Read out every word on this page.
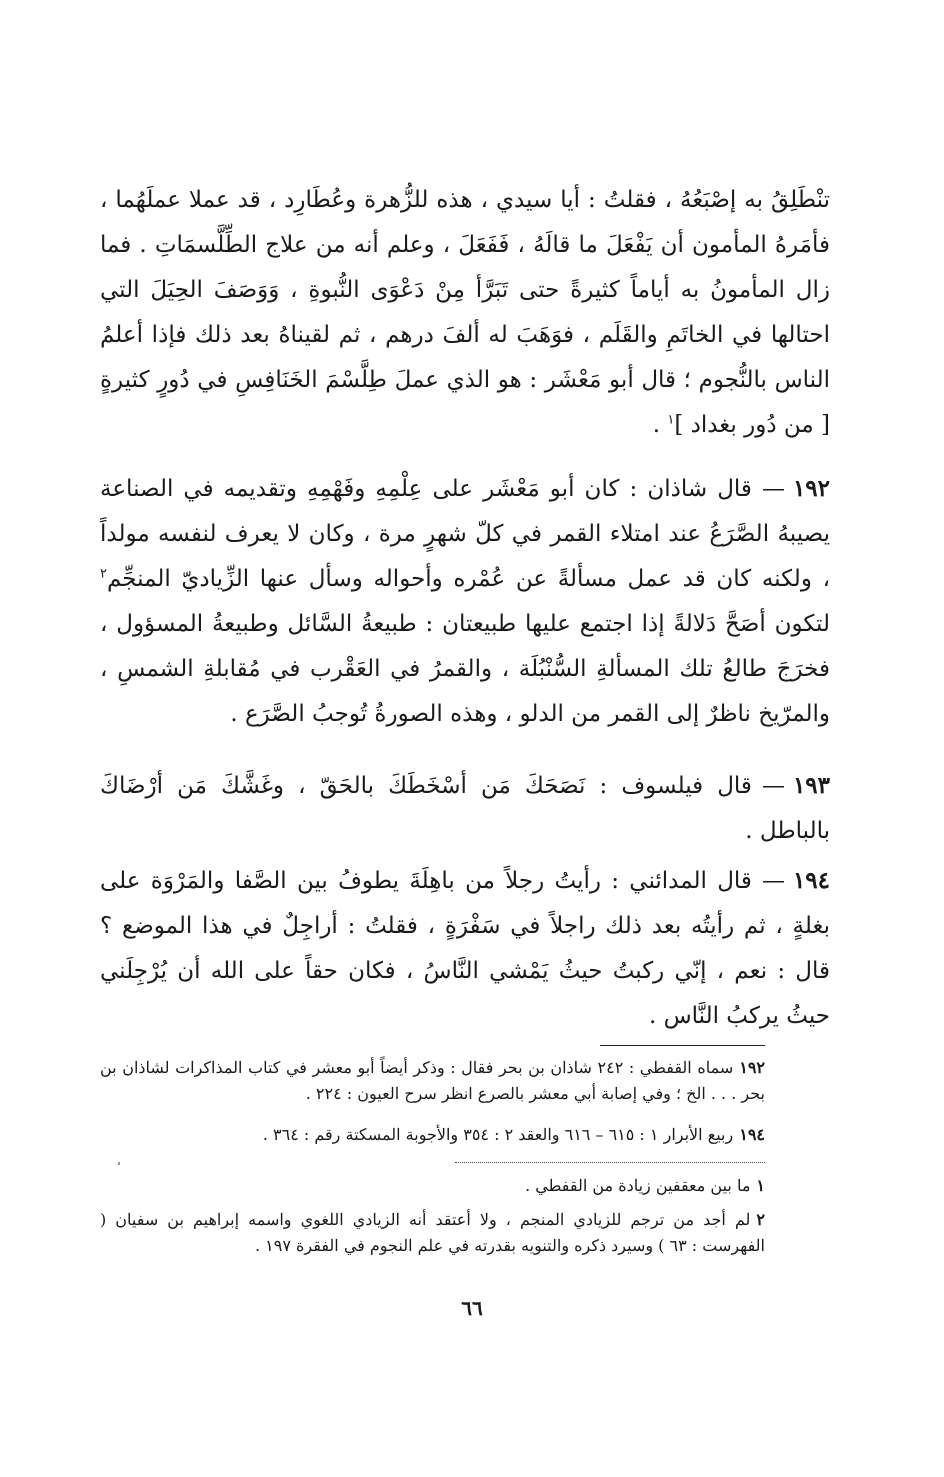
تنْطَلِقُ به إصْبَعُهُ ، فقلتُ : أيا سيدي ، هذه للزُّهرة وعُطَارِد ، قد عملا عملَهُما ، فأمَرهُ المأمون أن يَفْعَلَ ما قالَهُ ، فَفَعَلَ ، وعلم أنه من علاج الطِّلَّسمَاتِ . فما زال المأمونُ به أياماً كثيرةً حتى تَبَرَّأ مِنْ دَعْوَى النُّبوةِ ، وَوَصَفَ الحِيَلَ التي احتالها في الخاتَمِ والقَلَم ، فوَهَبَ له ألفَ درهم ، ثم لقيناهُ بعد ذلك فإذا أعلمُ الناس بالنُّجوم ؛ قال أبو مَعْشَر : هو الذي عملَ طِلَّسْمَ الخَنَافِسِ في دُورٍ كثيرةٍ [ من دُور بغداد ]$^١$ .
١٩٢—قال شاذان : كان أبو مَعْشَر على عِلْمِهِ وفَهْمِهِ وتقديمه في الصناعة يصيبهُ الصَّرَعُ عند امتلاء القمر في كلّ شهرٍ مرة ، وكان لا يعرف لنفسه مولداً ، ولكنه كان قد عمل مسألةً عن عُمْره وأحواله وسأل عنها الزِّياديّ المنجِّم$^٢$ لتكون أصَحَّ دَلالةً إذا اجتمع عليها طبيعتان : طبيعةُ السَّائل وطبيعةُ المسؤول ، فخرَجَ طالعُ تلك المسألةِ السُّنْبُلَة ، والقمرُ في العَقْرب في مُقابلةِ الشمسِ ، والمرّيخ ناظرٌ إلى القمر من الدلو ، وهذه الصورةُ تُوجبُ الصَّرَع .
١٩٣—قال فيلسوف : نَصَحَكَ مَن أسْخَطَكَ بالحَقّ ، وغَشَّكَ مَن أرْضَاكَ بالباطل .
١٩٤—قال المدائني : رأيتُ رجلاً من باهِلَةَ يطوفُ بين الصَّفا والمَرْوَة على بغلةٍ ، ثم رأيتُه بعد ذلك راجلاً في سَفْرَةٍ ، فقلتُ : أراجِلٌ في هذا الموضع ؟ قال : نعم ، إنّي ركبتُ حيثُ يَمْشي النَّاسُ ، فكان حقاً على الله أن يُرْجِلَني حيثُ يركبُ النَّاس .
١٩٢سماه القفطي : ٢٤٢ شاذان بن بحر فقال : وذكر أيضاً أبو معشر في كتاب المذاكرات لشاذان بن بحر . . . الخ ؛ وفي إصابة أبي معشر بالصرع انظر سرح العيون : ٢٢٤ .
١٩٤ربيع الأبرار ١ : ٦١٥ – ٦١٦ والعقد ٢ : ٣٥٤ والأجوبة المسكتة رقم : ٣٦٤ .
١ما بين معقفين زيادة من القفطي .
٢لم أجد من ترجم للزيادي المنجم ، ولا أعتقد أنه الزيادي اللغوي واسمه إبراهيم بن سفيان ( الفهرست : ٦٣ ) وسيرد ذكره والتنويه بقدرته في علم النجوم في الفقرة ١٩٧ .
٦٦
